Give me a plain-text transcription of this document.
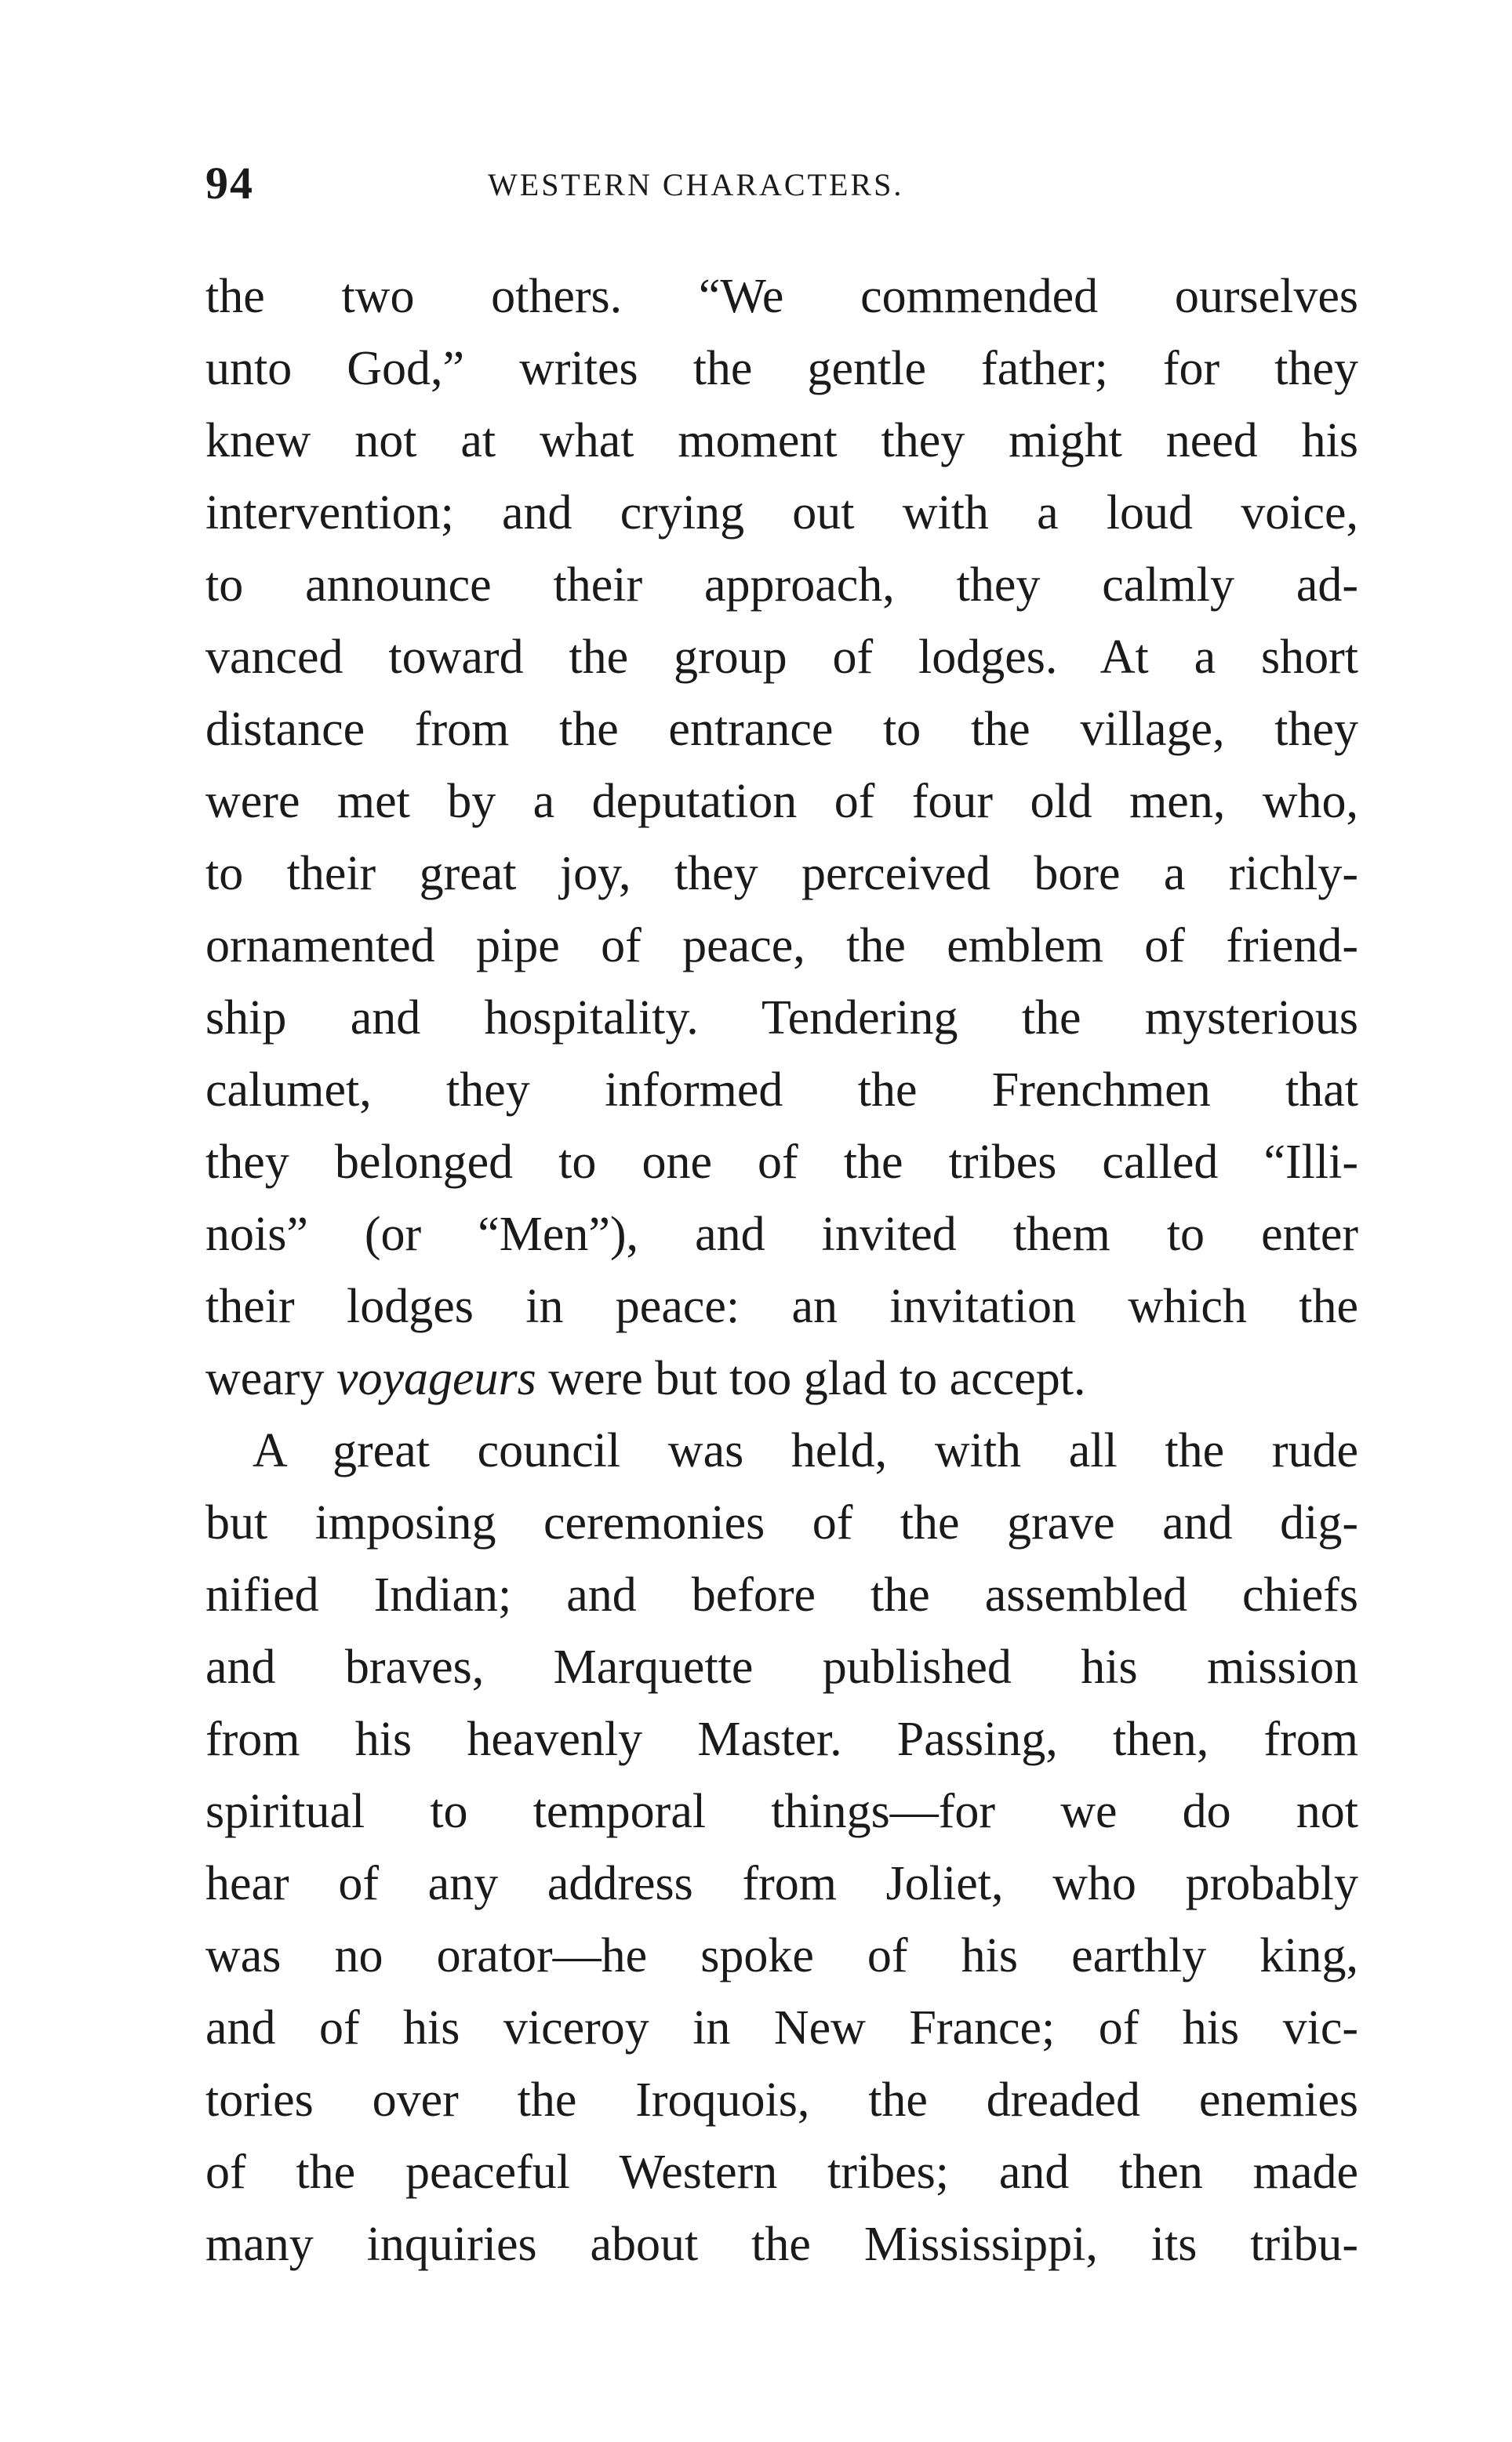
94	WESTERN CHARACTERS.
the two others. “We commended ourselves
unto God,” writes the gentle father; for they
knew not at what moment they might need his
intervention; and crying out with a loud voice,
to announce their approach, they calmly ad-
vanced toward the group of lodges. At a short
distance from the entrance to the village, they
were met by a deputation of four old men, who,
to their great joy, they perceived bore a richly-
ornamented pipe of peace, the emblem of friend-
ship and hospitality. Tendering the mysterious
calumet, they informed the Frenchmen that
they belonged to one of the tribes called “Illi-
nois” (or “Men”), and invited them to enter
their lodges in peace: an invitation which the
weary voyageurs were but too glad to accept.
A great council was held, with all the rude
but imposing ceremonies of the grave and dig-
nified Indian; and before the assembled chiefs
and braves, Marquette published his mission
from his heavenly Master. Passing, then, from
spiritual to temporal things—for we do not
hear of any address from Joliet, who probably
was no orator—he spoke of his earthly king,
and of his viceroy in New France; of his vic-
tories over the Iroquois, the dreaded enemies
of the peaceful Western tribes; and then made
many inquiries about the Mississippi, its tribu-
